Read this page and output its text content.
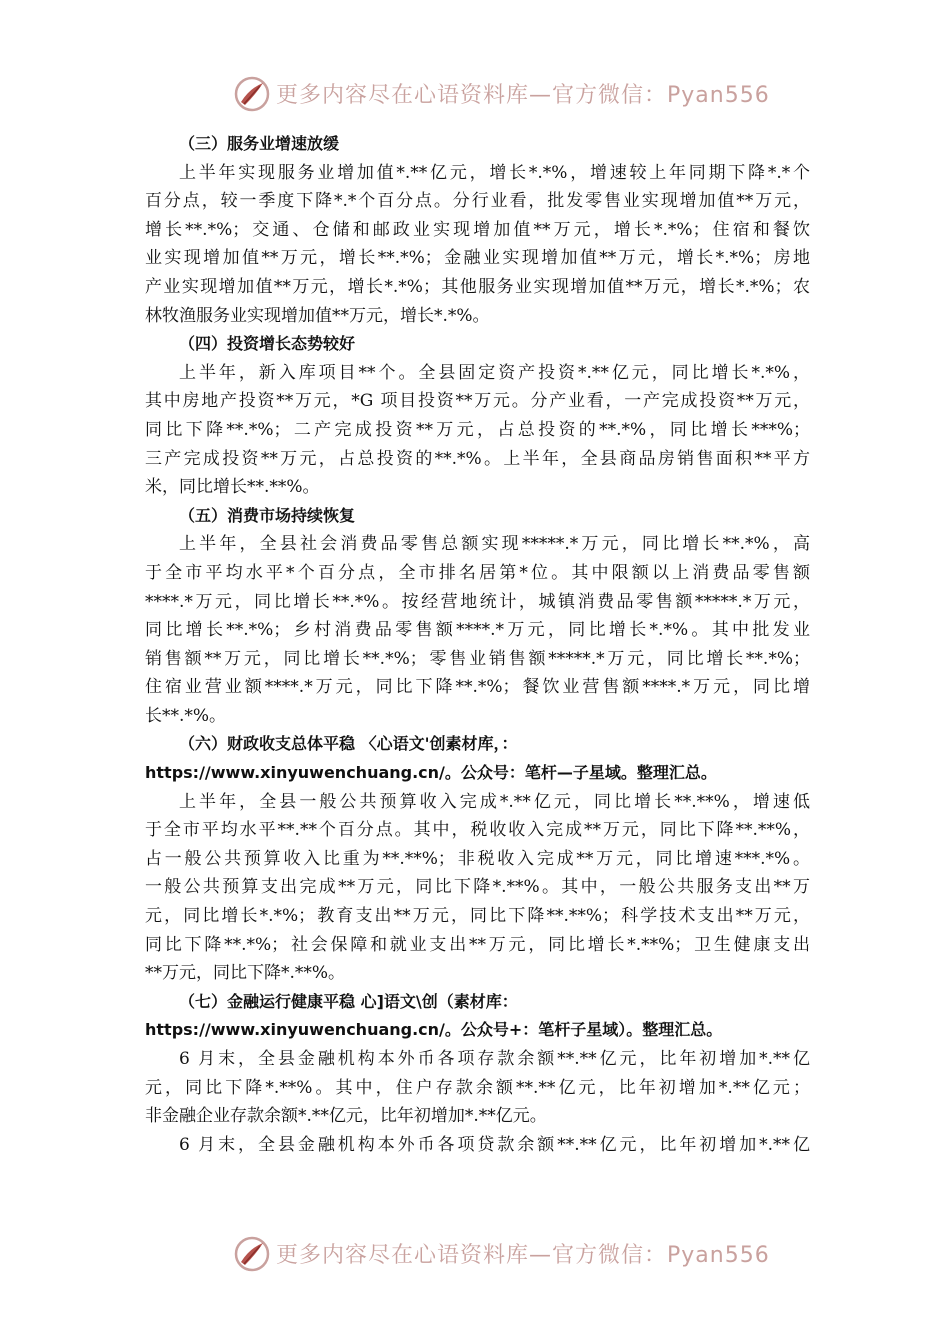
更多内容尽在心语资料库—官方微信：Pyan556
（三）服务业增速放缓
上半年实现服务业增加值*.**亿元，增长*.*%，增速较上年同期下降*.*个
百分点，较一季度下降*.*个百分点。分行业看，批发零售业实现增加值**万元，
增长**.*%；交通、仓储和邮政业实现增加值**万元，增长*.*%；住宿和餐饮
业实现增加值**万元，增长**.*%；金融业实现增加值**万元，增长*.*%；房地
产业实现增加值**万元，增长*.*%；其他服务业实现增加值**万元，增长*.*%；农
林牧渔服务业实现增加值**万元，增长*.*%。
（四）投资增长态势较好
上半年，新入库项目**个。全县固定资产投资*.**亿元，同比增长*.*%，
其中房地产投资**万元，*G 项目投资**万元。分产业看，一产完成投资**万元，
同比下降**.*%；二产完成投资**万元，占总投资的**.*%，同比增长***%；
三产完成投资**万元，占总投资的**.*%。上半年，全县商品房销售面积**平方
米，同比增长**.**%。
（五）消费市场持续恢复
上半年，全县社会消费品零售总额实现*****.*万元，同比增长**.*%，高
于全市平均水平*个百分点，全市排名居第*位。其中限额以上消费品零售额
****.*万元，同比增长**.*%。按经营地统计，城镇消费品零售额*****.*万元，
同比增长**.*%；乡村消费品零售额****.*万元，同比增长*.*%。其中批发业
销售额**万元，同比增长**.*%；零售业销售额*****.*万元，同比增长**.*%；
住宿业营业额****.*万元，同比下降**.*%；餐饮业营售额****.*万元，同比增
长**.*%。
（六）财政收支总体平稳 〈心语文'创素材库，：
https://www.xinyuwenchuang.cn/。公众号：笔杆—子星域。整理汇总。
上半年，全县一般公共预算收入完成*.**亿元，同比增长**.**%，增速低
于全市平均水平**.**个百分点。其中，税收收入完成**万元，同比下降**.**%，
占一般公共预算收入比重为**.**%；非税收入完成**万元，同比增速***.*%。
一般公共预算支出完成**万元，同比下降*.**%。其中，一般公共服务支出**万
元，同比增长*.*%；教育支出**万元，同比下降**.**%；科学技术支出**万元，
同比下降**.*%；社会保障和就业支出**万元，同比增长*.**%；卫生健康支出
**万元，同比下降*.**%。
（七）金融运行健康平稳 心]语文\创（素材库：
https://www.xinyuwenchuang.cn/。公众号+：笔杆子星域）。整理汇总。
6 月末，全县金融机构本外币各项存款余额**.**亿元，比年初增加*.**亿
元，同比下降*.**%。其中，住户存款余额**.**亿元，比年初增加*.**亿元；
非金融企业存款余额*.**亿元，比年初增加*.**亿元。
6 月末，全县金融机构本外币各项贷款余额**.**亿元，比年初增加*.**亿
更多内容尽在心语资料库—官方微信：Pyan556
